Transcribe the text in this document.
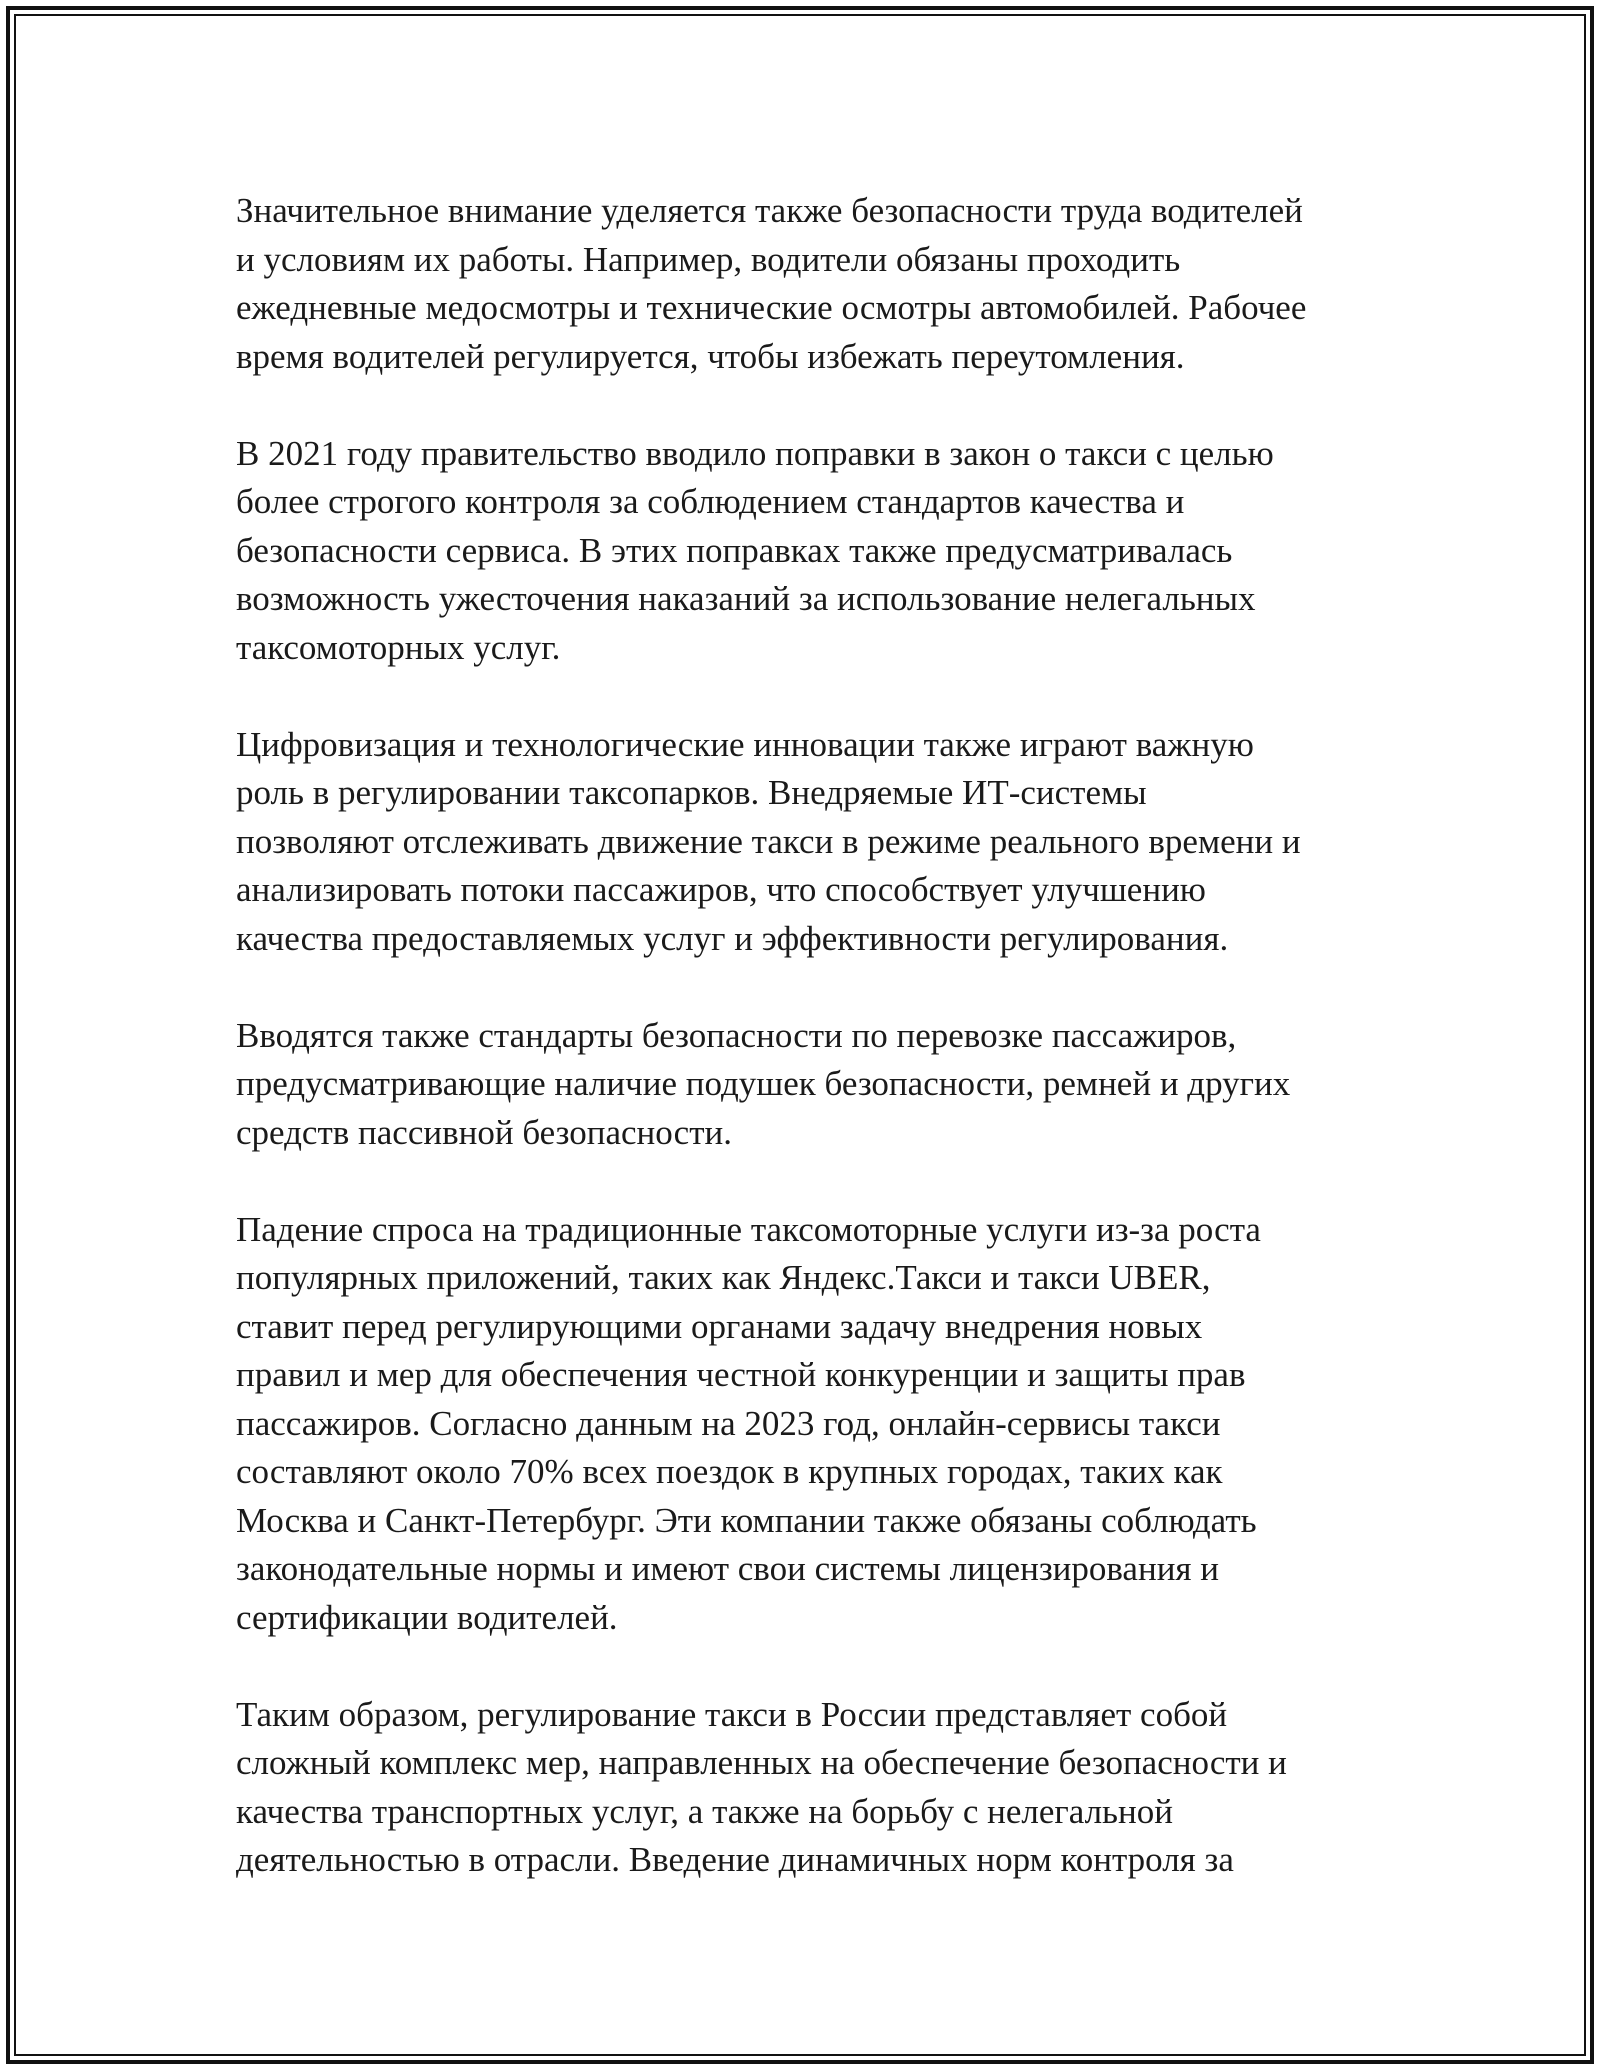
Значительное внимание уделяется также безопасности труда водителей
и условиям их работы. Например, водители обязаны проходить
ежедневные медосмотры и технические осмотры автомобилей. Рабочее
время водителей регулируется, чтобы избежать переутомления.

В 2021 году правительство вводило поправки в закон о такси с целью
более строгого контроля за соблюдением стандартов качества и
безопасности сервиса. В этих поправках также предусматривалась
возможность ужесточения наказаний за использование нелегальных
таксомоторных услуг.

Цифровизация и технологические инновации также играют важную
роль в регулировании таксопарков. Внедряемые ИТ-системы
позволяют отслеживать движение такси в режиме реального времени и
анализировать потоки пассажиров, что способствует улучшению
качества предоставляемых услуг и эффективности регулирования.

Вводятся также стандарты безопасности по перевозке пассажиров,
предусматривающие наличие подушек безопасности, ремней и других
средств пассивной безопасности.

Падение спроса на традиционные таксомоторные услуги из-за роста
популярных приложений, таких как Яндекс.Такси и такси UBER,
ставит перед регулирующими органами задачу внедрения новых
правил и мер для обеспечения честной конкуренции и защиты прав
пассажиров. Согласно данным на 2023 год, онлайн-сервисы такси
составляют около 70% всех поездок в крупных городах, таких как
Москва и Санкт-Петербург. Эти компании также обязаны соблюдать
законодательные нормы и имеют свои системы лицензирования и
сертификации водителей.

Таким образом, регулирование такси в России представляет собой
сложный комплекс мер, направленных на обеспечение безопасности и
качества транспортных услуг, а также на борьбу с нелегальной
деятельностью в отрасли. Введение динамичных норм контроля за
